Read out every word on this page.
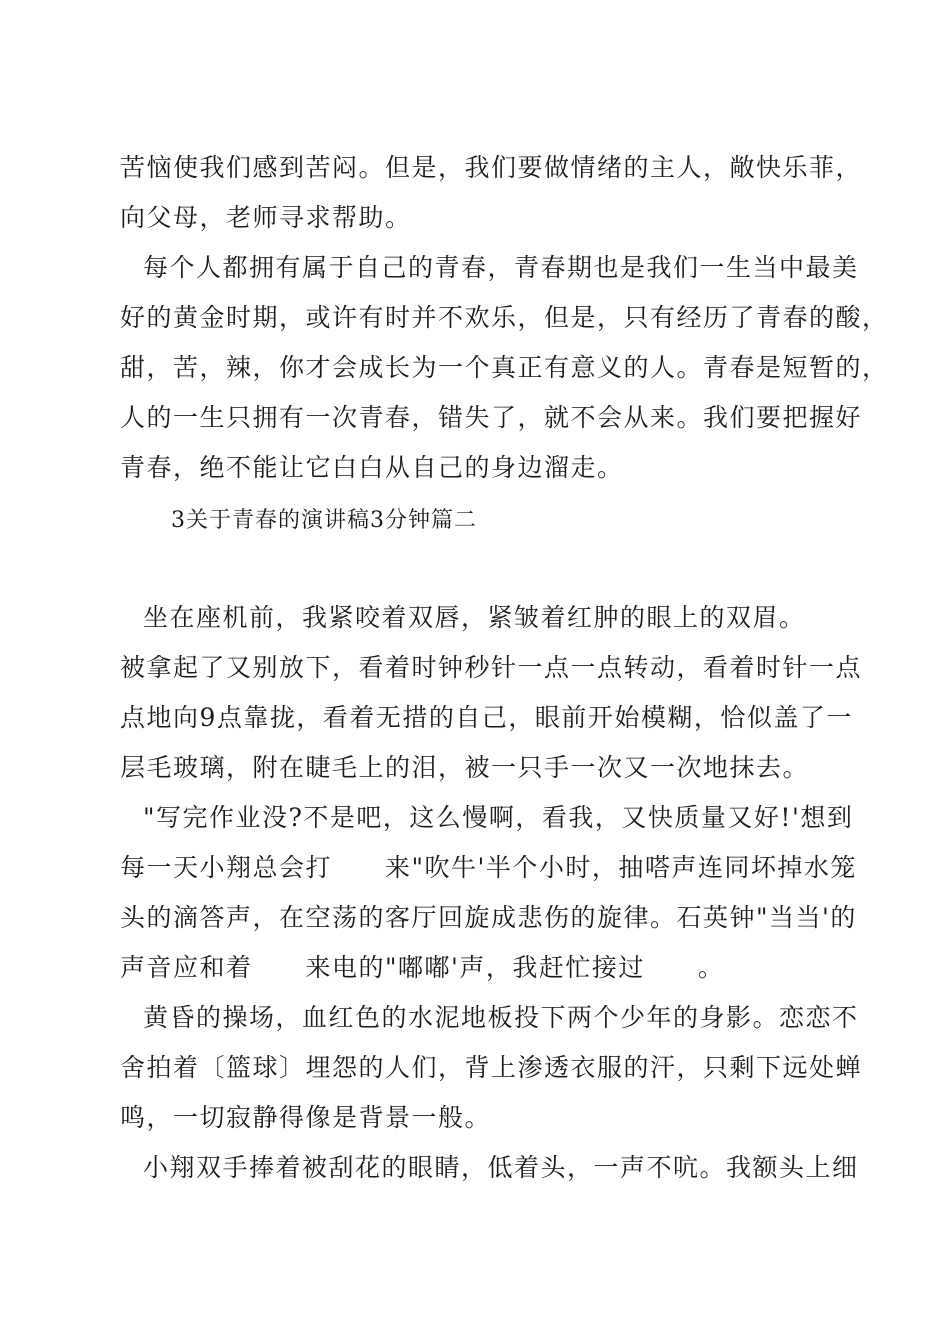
苦恼使我们感到苦闷。但是，我们要做情绪的主人，敞快乐菲，
向父母，老师寻求帮助。
每个人都拥有属于自己的青春，青春期也是我们一生当中最美
好的黄金时期，或许有时并不欢乐，但是，只有经历了青春的酸，
甜，苦，辣，你才会成长为一个真正有意义的人。青春是短暂的，
人的一生只拥有一次青春，错失了，就不会从来。我们要把握好
青春，绝不能让它白白从自己的身边溜走。
3关于青春的演讲稿3分钟篇二
坐在座机前，我紧咬着双唇，紧皱着红肿的眼上的双眉。
被拿起了又别放下，看着时钟秒针一点一点转动，看着时针一点
点地向9点靠拢，看着无措的自己，眼前开始模糊，恰似盖了一
层毛玻璃，附在睫毛上的泪，被一只手一次又一次地抹去。
"写完作业没?不是吧，这么慢啊，看我，又快质量又好!'想到
每一天小翔总会打　　来"吹牛'半个小时，抽嗒声连同坏掉水笼
头的滴答声，在空荡的客厅回旋成悲伤的旋律。石英钟"当当'的
声音应和着　　来电的"嘟嘟'声，我赶忙接过　　。
黄昏的操场，血红色的水泥地板投下两个少年的身影。恋恋不
舍拍着〔篮球〕埋怨的人们，背上渗透衣服的汗，只剩下远处蝉
鸣，一切寂静得像是背景一般。
小翔双手捧着被刮花的眼睛，低着头，一声不吭。我额头上细
